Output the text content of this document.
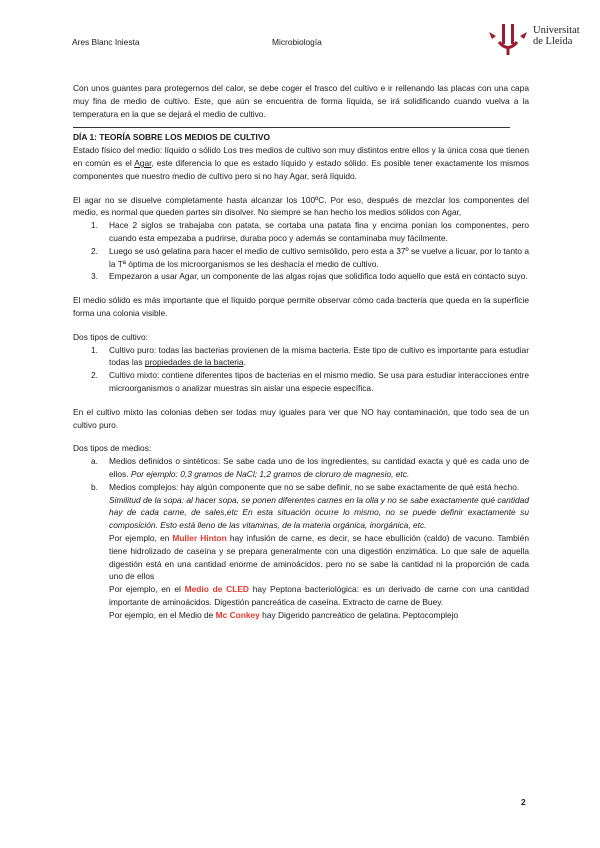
Ares Blanc Iniesta	Microbiología
Universitat
de Lleida

Con unos guantes para protegernos del calor, se debe coger el frasco del cultivo e ir rellenando las placas con una capa muy fina de medio de cultivo. Este, que aún se encuentra de forma líquida, se irá solidificando cuando vuelva a la temperatura en la que se dejará el medio de cultivo.

DÍA 1: TEORÍA SOBRE LOS MEDIOS DE CULTIVO

Estado físico del medio: líquido o sólido Los tres medios de cultivo son muy distintos entre ellos y la única cosa que tienen en común es el Agar, este diferencia lo que es estado líquido y estado sólido. Es posible tener exactamente los mismos componentes que nuestro medio de cultivo pero si no hay Agar, será líquido.

El agar no se disuelve completamente hasta alcanzar los 100ºC. Por eso, después de mezclar los componentes del medio, es normal que queden partes sin disolver. No siempre se han hecho los medios sólidos con Agar,

1. Hace 2 siglos se trabajaba con patata, se cortaba una patata fina y encima ponían los componentes, pero cuando esta empezaba a pudrirse, duraba poco y además se contaminaba muy fácilmente.
2. Luego se usó gelatina para hacer el medio de cultivo semisólido, pero esta a 37º se vuelve a licuar, por lo tanto a la Tª óptima de los microorganismos se les deshacía el medio de cultivo.
3. Empezaron a usar Agar, un componente de las algas rojas que solidifica todo aquello que está en contacto suyo.

El medio sólido es más importante que el líquido porque permite observar cómo cada bacteria que queda en la superficie forma una colonia visible.

Dos tipos de cultivo:

1. Cultivo puro: todas las bacterias provienen de la misma bacteria. Este tipo de cultivo es importante para estudiar todas las propiedades de la bacteria.
2. Cultivo mixto: contiene diferentes tipos de bacterias en el mismo medio. Se usa para estudiar interacciones entre microorganismos o analizar muestras sin aislar una especie específica.

En el cultivo mixto las colonias deben ser todas muy iguales para ver que NO hay contaminación, que todo sea de un cultivo puro.

Dos tipos de medios:

a. Medios definidos o sintéticos: Se sabe cada uno de los ingredientes, su cantidad exacta y qué es cada uno de ellos. Por ejemplo: 0,3 gramos de NaCl; 1,2 gramos de cloruro de magnesio, etc.
b. Medios complejos: hay algún componente que no se sabe definir, no se sabe exactamente de qué está hecho.

Similitud de la sopa: al hacer sopa, se ponen diferentes carnes en la olla y no se sabe exactamente qué cantidad hay de cada carne, de sales,etc En esta situación ocurre lo mismo, no se puede definir exactamente su composición. Esto está lleno de las vitaminas, de la materia orgánica, inorgánica, etc.

Por ejemplo, en Muller Hinton hay infusión de carne, es decir, se hace ebullición (caldo) de vacuno. También tiene hidrolizado de caseína y se prepara generalmente con una digestión enzimática. Lo que sale de aquella digestión está en una cantidad enorme de aminoácidos. pero no se sabe la cantidad ni la proporción de cada uno de ellos

Por ejemplo, en el Medio de CLED hay Peptona bacteriológica: es un derivado de carne con una cantidad importante de aminoácidos. Digestión pancreática de caseína. Extracto de carne de Buey.

Por ejemplo, en el Medio de Mc Conkey hay Digerido pancreático de gelatina. Peptocomplejo

2
